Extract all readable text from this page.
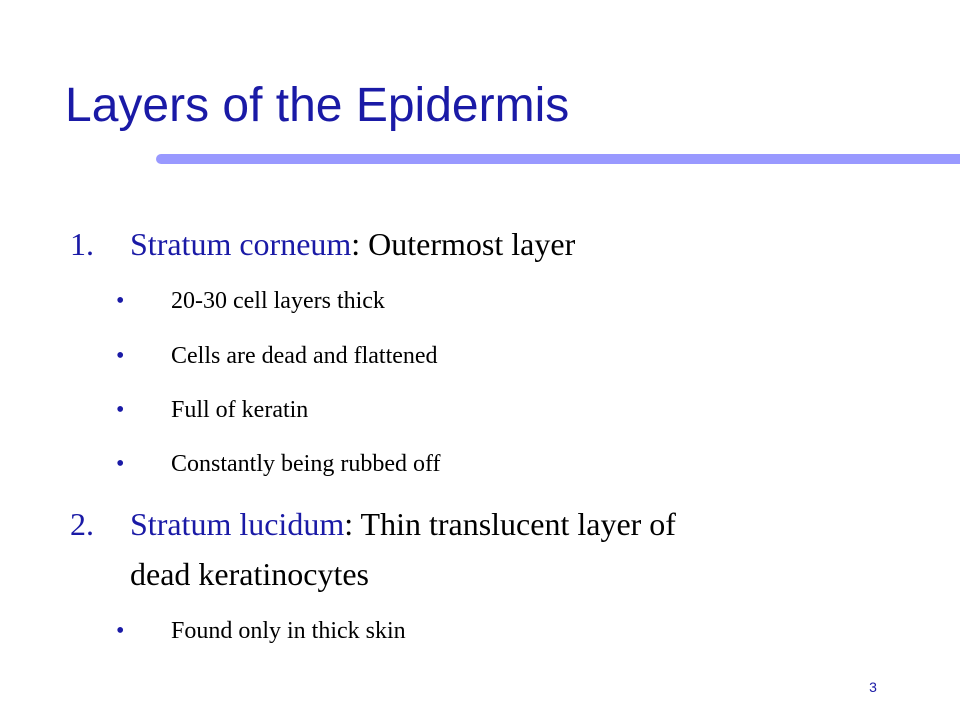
Layers of the Epidermis
1. Stratum corneum: Outermost layer
• 20-30 cell layers thick
• Cells are dead and flattened
• Full of keratin
• Constantly being rubbed off
2. Stratum lucidum: Thin translucent layer of
dead keratinocytes
• Found only in thick skin
3
